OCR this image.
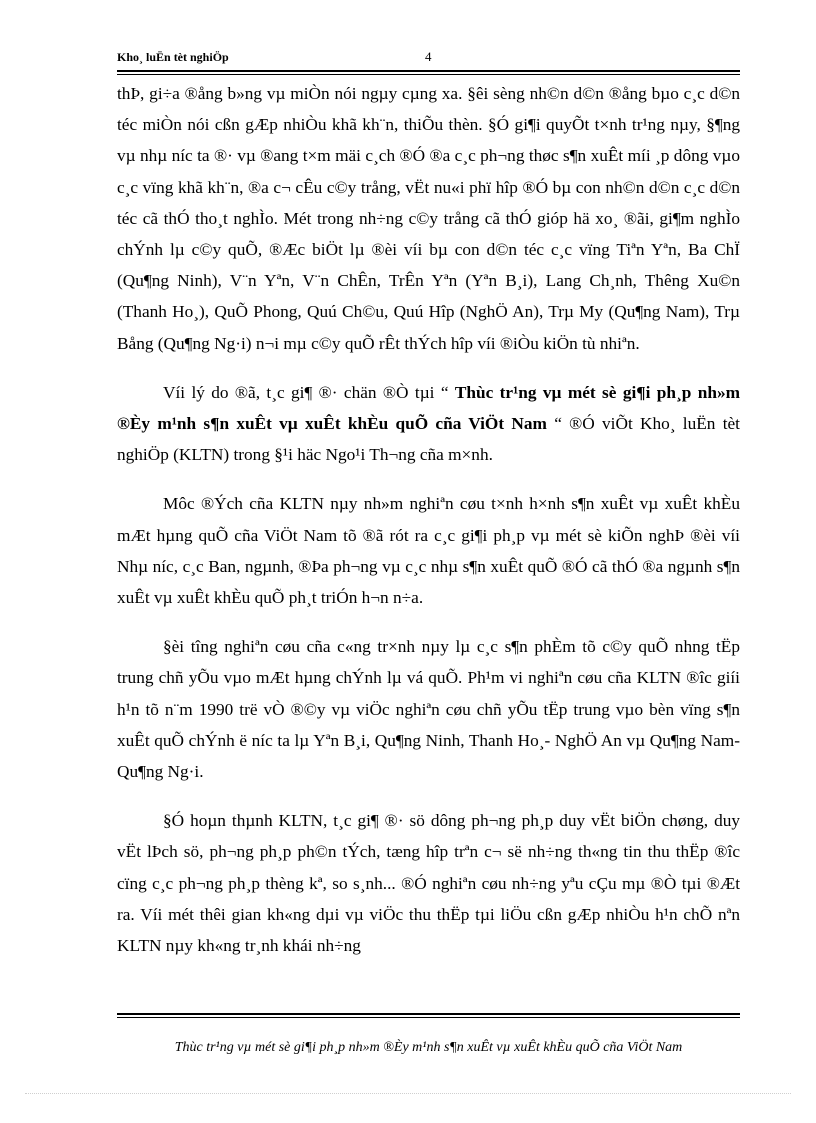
Kho¸ luËn tèt nghiÖp	4

thÞ, gi÷a ®ång b»ng vµ miÒn nói ngµy cµng xa. §êi sèng nh©n d©n ®ång bµo c¸c d©n téc miÒn nói cßn gÆp nhiÒu khã kh¨n, thiÕu thèn. §Ó gi¶i quyÕt t×nh tr¹ng nµy, §¶ng vµ nhµ níc ta ®· vµ ®ang t×m mäi c¸ch ®Ó ®a c¸c ph¬ng thøc s¶n xuÊt míi ¸p dông vµo c¸c vïng khã kh¨n, ®a c¬ cÊu c©y trång, vËt nu«i phï hîp ®Ó bµ con nh©n d©n c¸c d©n téc cã thÓ tho¸t nghÌo. Mét trong nh÷ng c©y trång cã thÓ gióp hä xo¸ ®ãi, gi¶m nghÌo chÝnh lµ c©y quÕ, ®Æc biÖt lµ ®èi víi bµ con d©n téc c¸c vïng Tiªn Yªn, Ba ChÏ (Qu¶ng Ninh), V¨n Yªn, V¨n ChÊn, TrÊn Yªn (Yªn B¸i), Lang Ch¸nh, Thêng Xu©n (Thanh Ho¸), QuÕ Phong, Quú Ch©u, Quú Hîp (NghÖ An), Trµ My (Qu¶ng Nam), Trµ Bång (Qu¶ng Ng·i) n¬i mµ c©y quÕ rÊt thÝch hîp víi ®iÒu kiÖn tù nhiªn.

Víi lý do ®ã, t¸c gi¶ ®· chän ®Ò tµi “ Thùc tr¹ng vµ mét sè gi¶i ph¸p nh»m ®Èy m¹nh s¶n xuÊt vµ xuÊt khÈu quÕ cña ViÖt Nam “ ®Ó viÕt Kho¸ luËn tèt nghiÖp (KLTN) trong §¹i häc Ngo¹i Th¬ng cña m×nh.

Môc ®Ých cña KLTN nµy nh»m nghiªn cøu t×nh h×nh s¶n xuÊt vµ xuÊt khÈu mÆt hµng quÕ cña ViÖt Nam tõ ®ã rót ra c¸c gi¶i ph¸p vµ mét sè kiÕn nghÞ ®èi víi Nhµ níc, c¸c Ban, ngµnh, ®Þa ph¬ng vµ c¸c nhµ s¶n xuÊt quÕ ®Ó cã thÓ ®a ngµnh s¶n xuÊt vµ xuÊt khÈu quÕ ph¸t triÓn h¬n n÷a.

§èi tîng nghiªn cøu cña c«ng tr×nh nµy lµ c¸c s¶n phÈm tõ c©y quÕ nhng tËp trung chñ yÕu vµo mÆt hµng chÝnh lµ vá quÕ. Ph¹m vi nghiªn cøu cña KLTN ®îc giíi h¹n tõ n¨m 1990 trë vÒ ®©y vµ viÖc nghiªn cøu chñ yÕu tËp trung vµo bèn vïng s¶n xuÊt quÕ chÝnh ë níc ta lµ Yªn B¸i, Qu¶ng Ninh, Thanh Ho¸- NghÖ An vµ Qu¶ng Nam- Qu¶ng Ng·i.

§Ó hoµn thµnh KLTN, t¸c gi¶ ®· sö dông ph¬ng ph¸p duy vËt biÖn chøng, duy vËt lÞch sö, ph¬ng ph¸p ph©n tÝch, tæng hîp trªn c¬ së nh÷ng th«ng tin thu thËp ®îc cïng c¸c ph¬ng ph¸p thèng kª, so s¸nh... ®Ó nghiªn cøu nh÷ng yªu cÇu mµ ®Ò tµi ®Æt ra. Víi mét thêi gian kh«ng dµi vµ viÖc thu thËp tµi liÖu cßn gÆp nhiÒu h¹n chÕ nªn KLTN nµy kh«ng tr¸nh khái nh÷ng

Thùc tr¹ng vµ mét sè gi¶i ph¸p nh»m ®Èy m¹nh s¶n xuÊt vµ xuÊt khÈu quÕ cña ViÖt Nam
